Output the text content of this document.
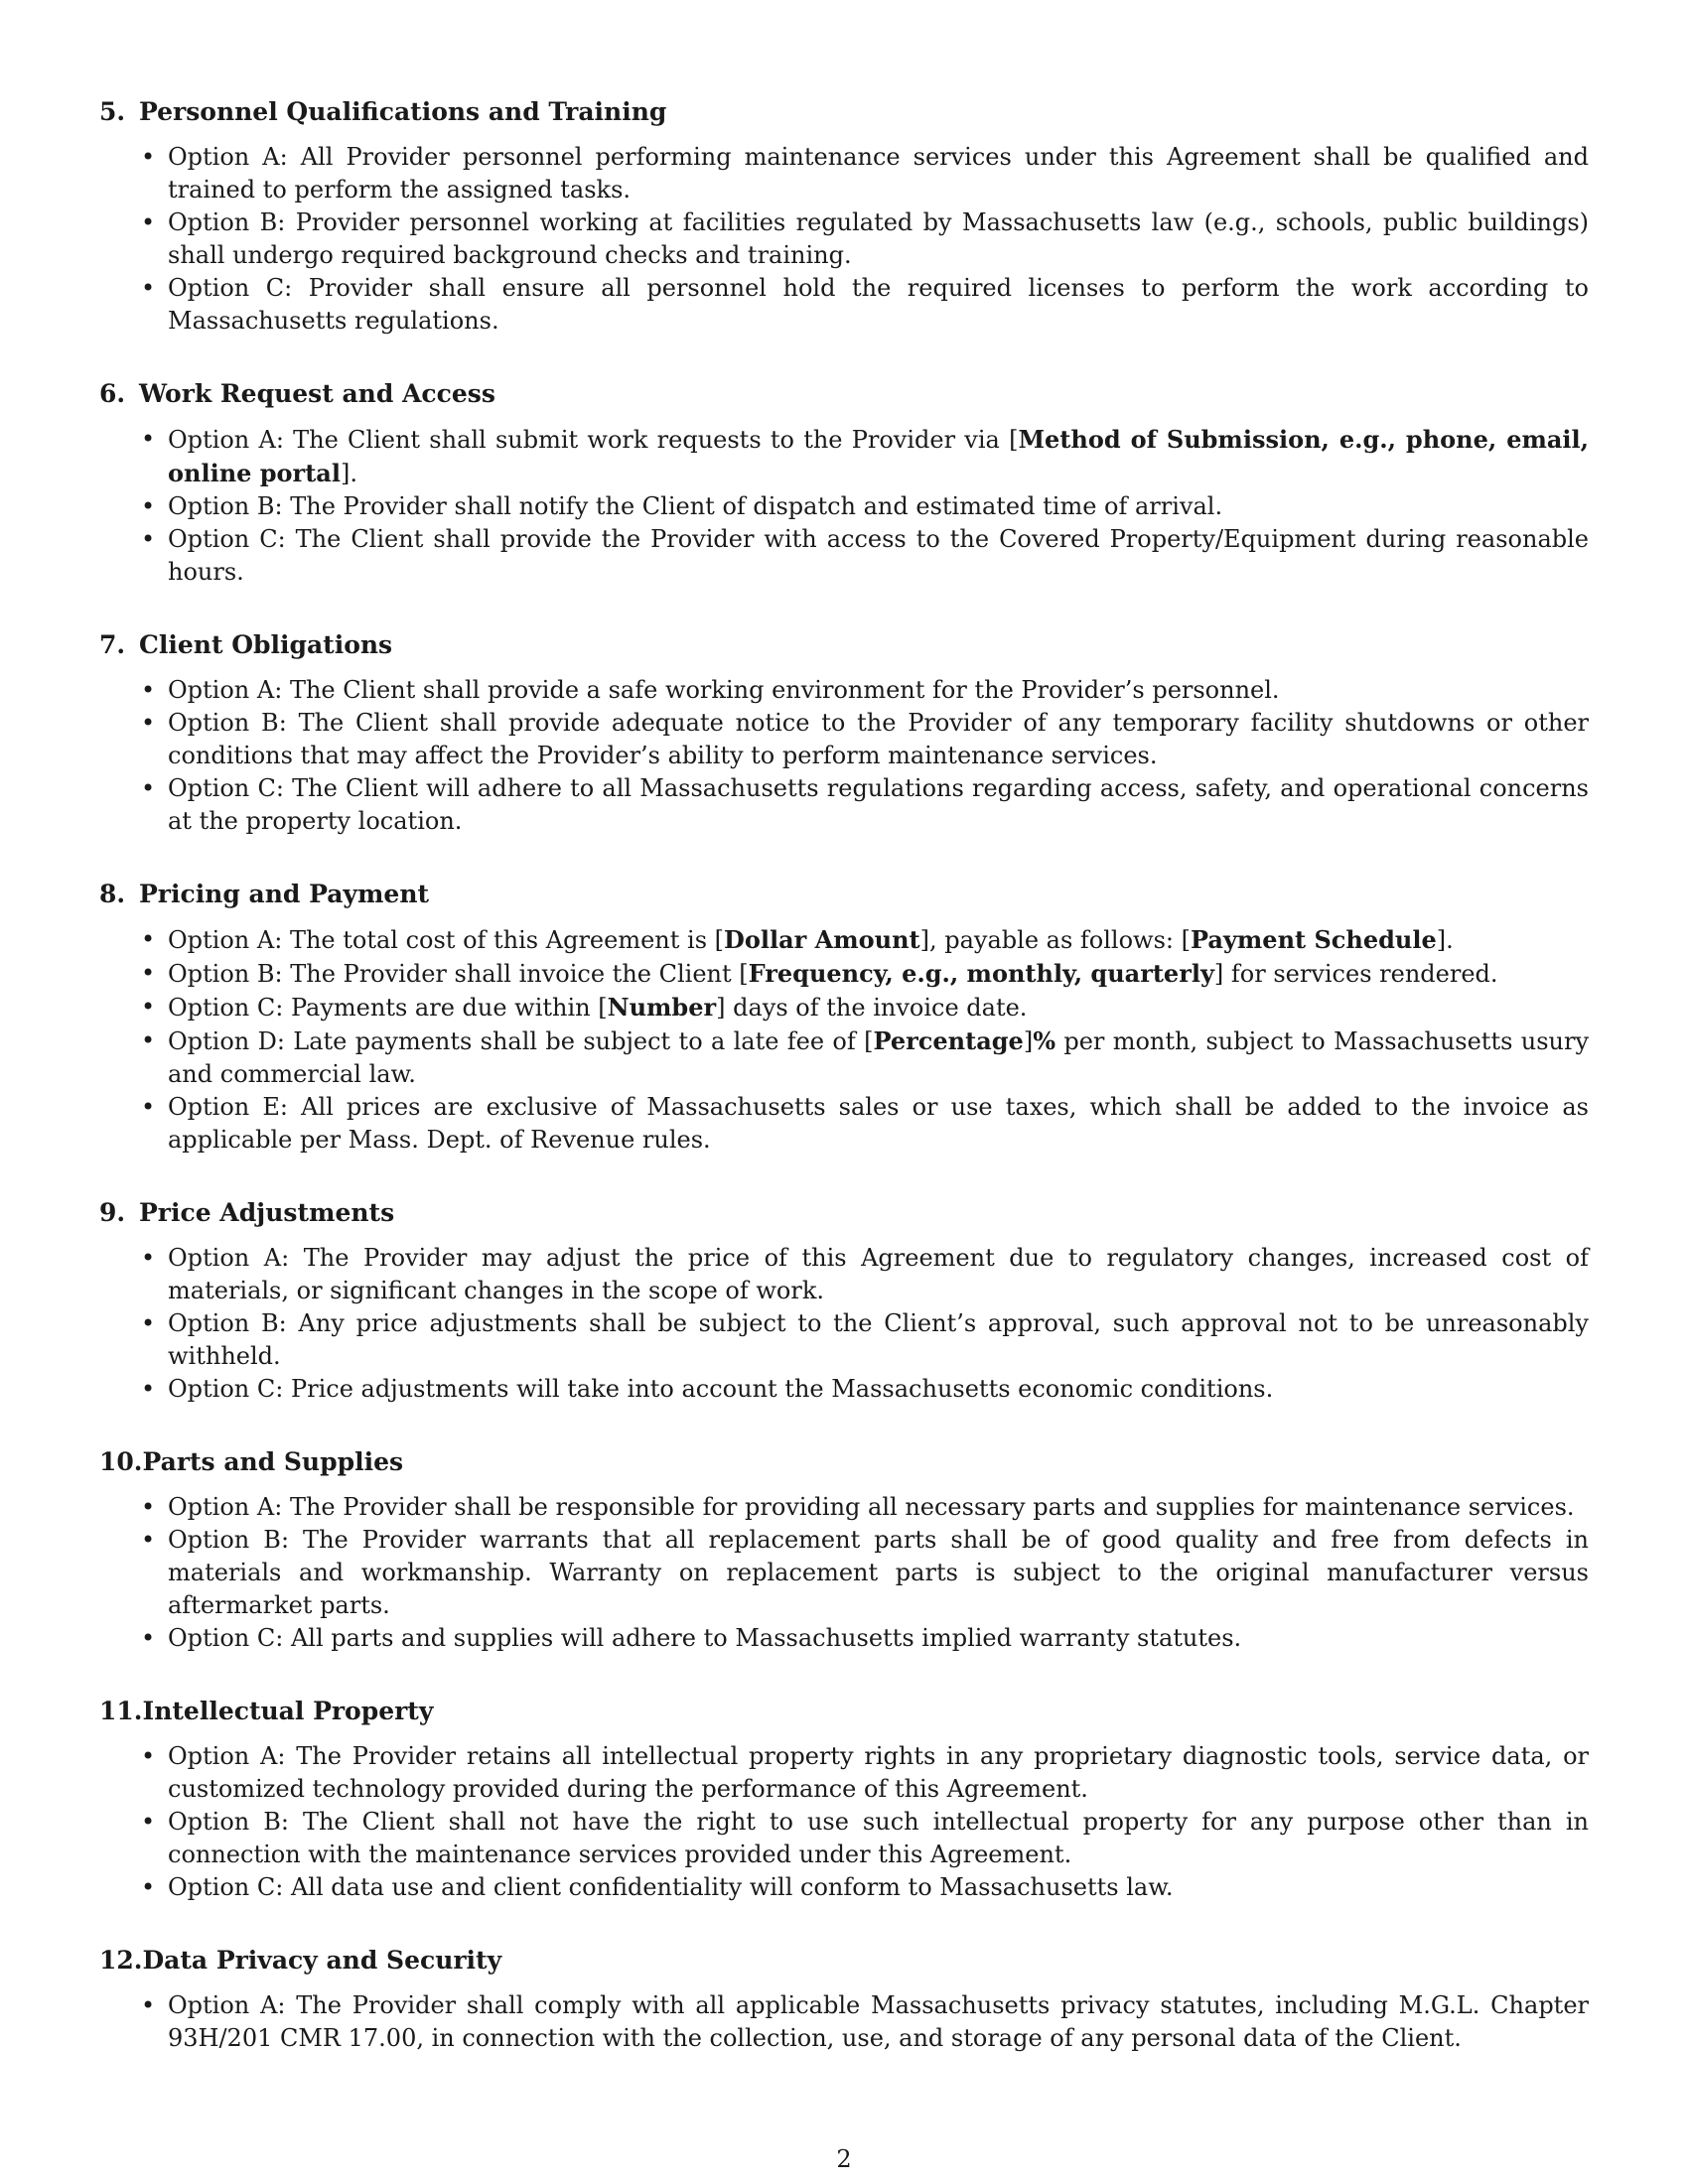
5. Personnel Qualifications and Training
• Option A: All Provider personnel performing maintenance services under this Agreement shall be qualified and trained to perform the assigned tasks.
• Option B: Provider personnel working at facilities regulated by Massachusetts law (e.g., schools, public buildings) shall undergo required background checks and training.
• Option C: Provider shall ensure all personnel hold the required licenses to perform the work according to Massachusetts regulations.
6. Work Request and Access
• Option A: The Client shall submit work requests to the Provider via [Method of Submission, e.g., phone, email, online portal].
• Option B: The Provider shall notify the Client of dispatch and estimated time of arrival.
• Option C: The Client shall provide the Provider with access to the Covered Property/Equipment during reasonable hours.
7. Client Obligations
• Option A: The Client shall provide a safe working environment for the Provider’s personnel.
• Option B: The Client shall provide adequate notice to the Provider of any temporary facility shutdowns or other conditions that may affect the Provider’s ability to perform maintenance services.
• Option C: The Client will adhere to all Massachusetts regulations regarding access, safety, and operational concerns at the property location.
8. Pricing and Payment
• Option A: The total cost of this Agreement is [Dollar Amount], payable as follows: [Payment Schedule].
• Option B: The Provider shall invoice the Client [Frequency, e.g., monthly, quarterly] for services rendered.
• Option C: Payments are due within [Number] days of the invoice date.
• Option D: Late payments shall be subject to a late fee of [Percentage]% per month, subject to Massachusetts usury and commercial law.
• Option E: All prices are exclusive of Massachusetts sales or use taxes, which shall be added to the invoice as applicable per Mass. Dept. of Revenue rules.
9. Price Adjustments
• Option A: The Provider may adjust the price of this Agreement due to regulatory changes, increased cost of materials, or significant changes in the scope of work.
• Option B: Any price adjustments shall be subject to the Client’s approval, such approval not to be unreasonably withheld.
• Option C: Price adjustments will take into account the Massachusetts economic conditions.
10.Parts and Supplies
• Option A: The Provider shall be responsible for providing all necessary parts and supplies for maintenance services.
• Option B: The Provider warrants that all replacement parts shall be of good quality and free from defects in materials and workmanship. Warranty on replacement parts is subject to the original manufacturer versus aftermarket parts.
• Option C: All parts and supplies will adhere to Massachusetts implied warranty statutes.
11.Intellectual Property
• Option A: The Provider retains all intellectual property rights in any proprietary diagnostic tools, service data, or customized technology provided during the performance of this Agreement.
• Option B: The Client shall not have the right to use such intellectual property for any purpose other than in connection with the maintenance services provided under this Agreement.
• Option C: All data use and client confidentiality will conform to Massachusetts law.
12.Data Privacy and Security
• Option A: The Provider shall comply with all applicable Massachusetts privacy statutes, including M.G.L. Chapter 93H/201 CMR 17.00, in connection with the collection, use, and storage of any personal data of the Client.
2
